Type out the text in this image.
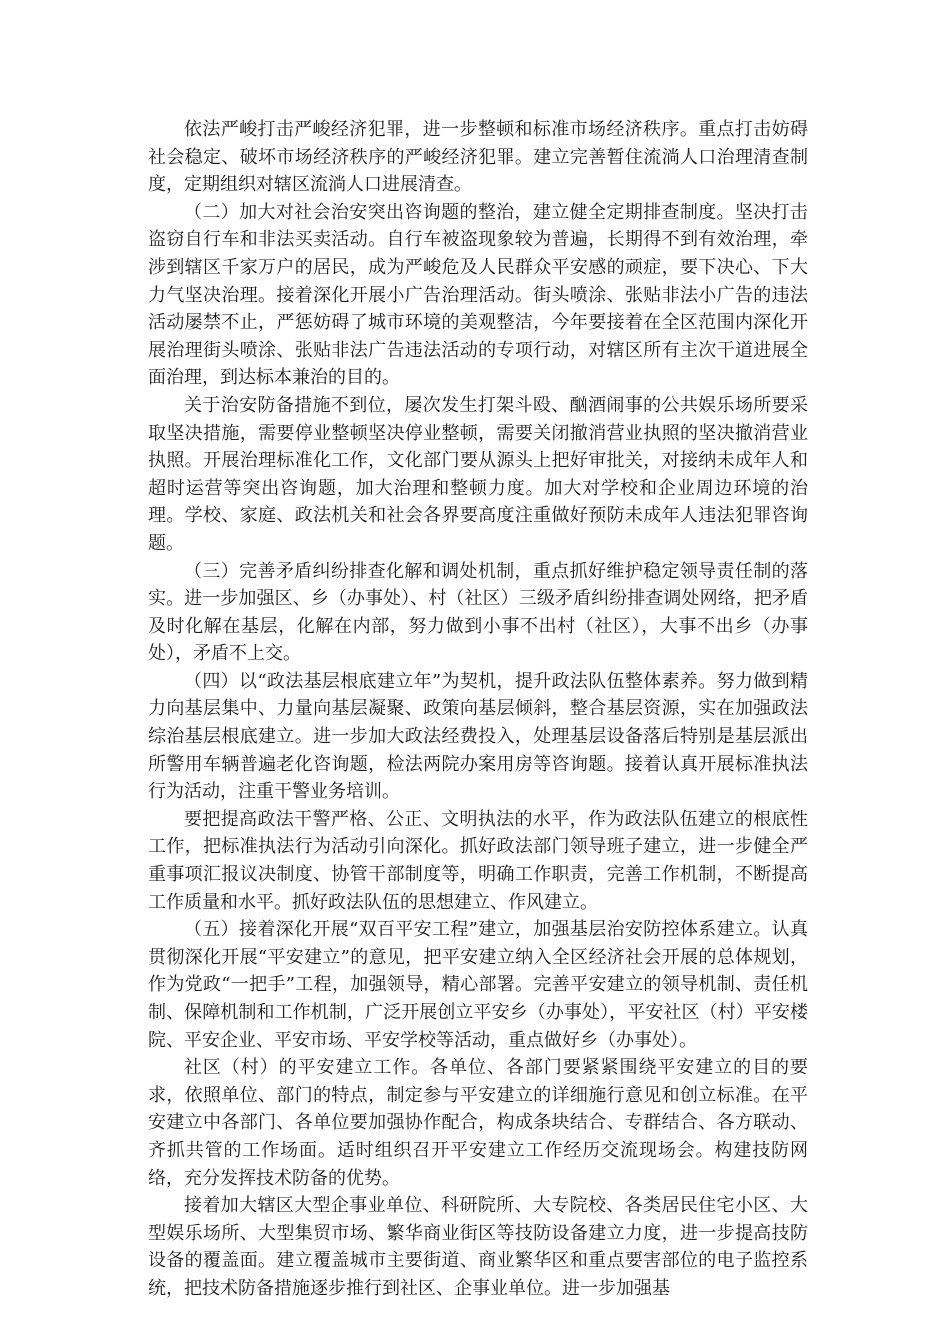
依法严峻打击严峻经济犯罪，进一步整顿和标准市场经济秩序。重点打击妨碍社会稳定、破坏市场经济秩序的严峻经济犯罪。建立完善暂住流淌人口治理清查制度，定期组织对辖区流淌人口进展清查。

（二）加大对社会治安突出咨询题的整治，建立健全定期排查制度。坚决打击盗窃自行车和非法买卖活动。自行车被盗现象较为普遍，长期得不到有效治理，牵涉到辖区千家万户的居民，成为严峻危及人民群众平安感的顽症，要下决心、下大力气坚决治理。接着深化开展小广告治理活动。街头喷涂、张贴非法小广告的违法活动屡禁不止，严惩妨碍了城市环境的美观整洁，今年要接着在全区范围内深化开展治理街头喷涂、张贴非法广告违法活动的专项行动，对辖区所有主次干道进展全面治理，到达标本兼治的目的。

关于治安防备措施不到位，屡次发生打架斗殴、酗酒闹事的公共娱乐场所要采取坚决措施，需要停业整顿坚决停业整顿，需要关闭撤消营业执照的坚决撤消营业执照。开展治理标准化工作，文化部门要从源头上把好审批关，对接纳未成年人和超时运营等突出咨询题，加大治理和整顿力度。加大对学校和企业周边环境的治理。学校、家庭、政法机关和社会各界要高度注重做好预防未成年人违法犯罪咨询题。

（三）完善矛盾纠纷排查化解和调处机制，重点抓好维护稳定领导责任制的落实。进一步加强区、乡（办事处）、村（社区）三级矛盾纠纷排查调处网络，把矛盾及时化解在基层，化解在内部，努力做到小事不出村（社区），大事不出乡（办事处），矛盾不上交。

（四）以“政法基层根底建立年”为契机，提升政法队伍整体素养。努力做到精力向基层集中、力量向基层凝聚、政策向基层倾斜，整合基层资源，实在加强政法综治基层根底建立。进一步加大政法经费投入，处理基层设备落后特别是基层派出所警用车辆普遍老化咨询题，检法两院办案用房等咨询题。接着认真开展标准执法行为活动，注重干警业务培训。

要把提高政法干警严格、公正、文明执法的水平，作为政法队伍建立的根底性工作，把标准执法行为活动引向深化。抓好政法部门领导班子建立，进一步健全严重事项汇报议决制度、协管干部制度等，明确工作职责，完善工作机制，不断提高工作质量和水平。抓好政法队伍的思想建立、作风建立。

（五）接着深化开展“双百平安工程”建立，加强基层治安防控体系建立。认真贯彻深化开展“平安建立”的意见，把平安建立纳入全区经济社会开展的总体规划，作为党政“一把手”工程，加强领导，精心部署。完善平安建立的领导机制、责任机制、保障机制和工作机制，广泛开展创立平安乡（办事处），平安社区（村）平安楼院、平安企业、平安市场、平安学校等活动，重点做好乡（办事处）。

社区（村）的平安建立工作。各单位、各部门要紧紧围绕平安建立的目的要求，依照单位、部门的特点，制定参与平安建立的详细施行意见和创立标准。在平安建立中各部门、各单位要加强协作配合，构成条块结合、专群结合、各方联动、齐抓共管的工作场面。适时组织召开平安建立工作经历交流现场会。构建技防网络，充分发挥技术防备的优势。

接着加大辖区大型企事业单位、科研院所、大专院校、各类居民住宅小区、大型娱乐场所、大型集贸市场、繁华商业街区等技防设备建立力度，进一步提高技防设备的覆盖面。建立覆盖城市主要街道、商业繁华区和重点要害部位的电子监控系统，把技术防备措施逐步推行到社区、企事业单位。进一步加强基
